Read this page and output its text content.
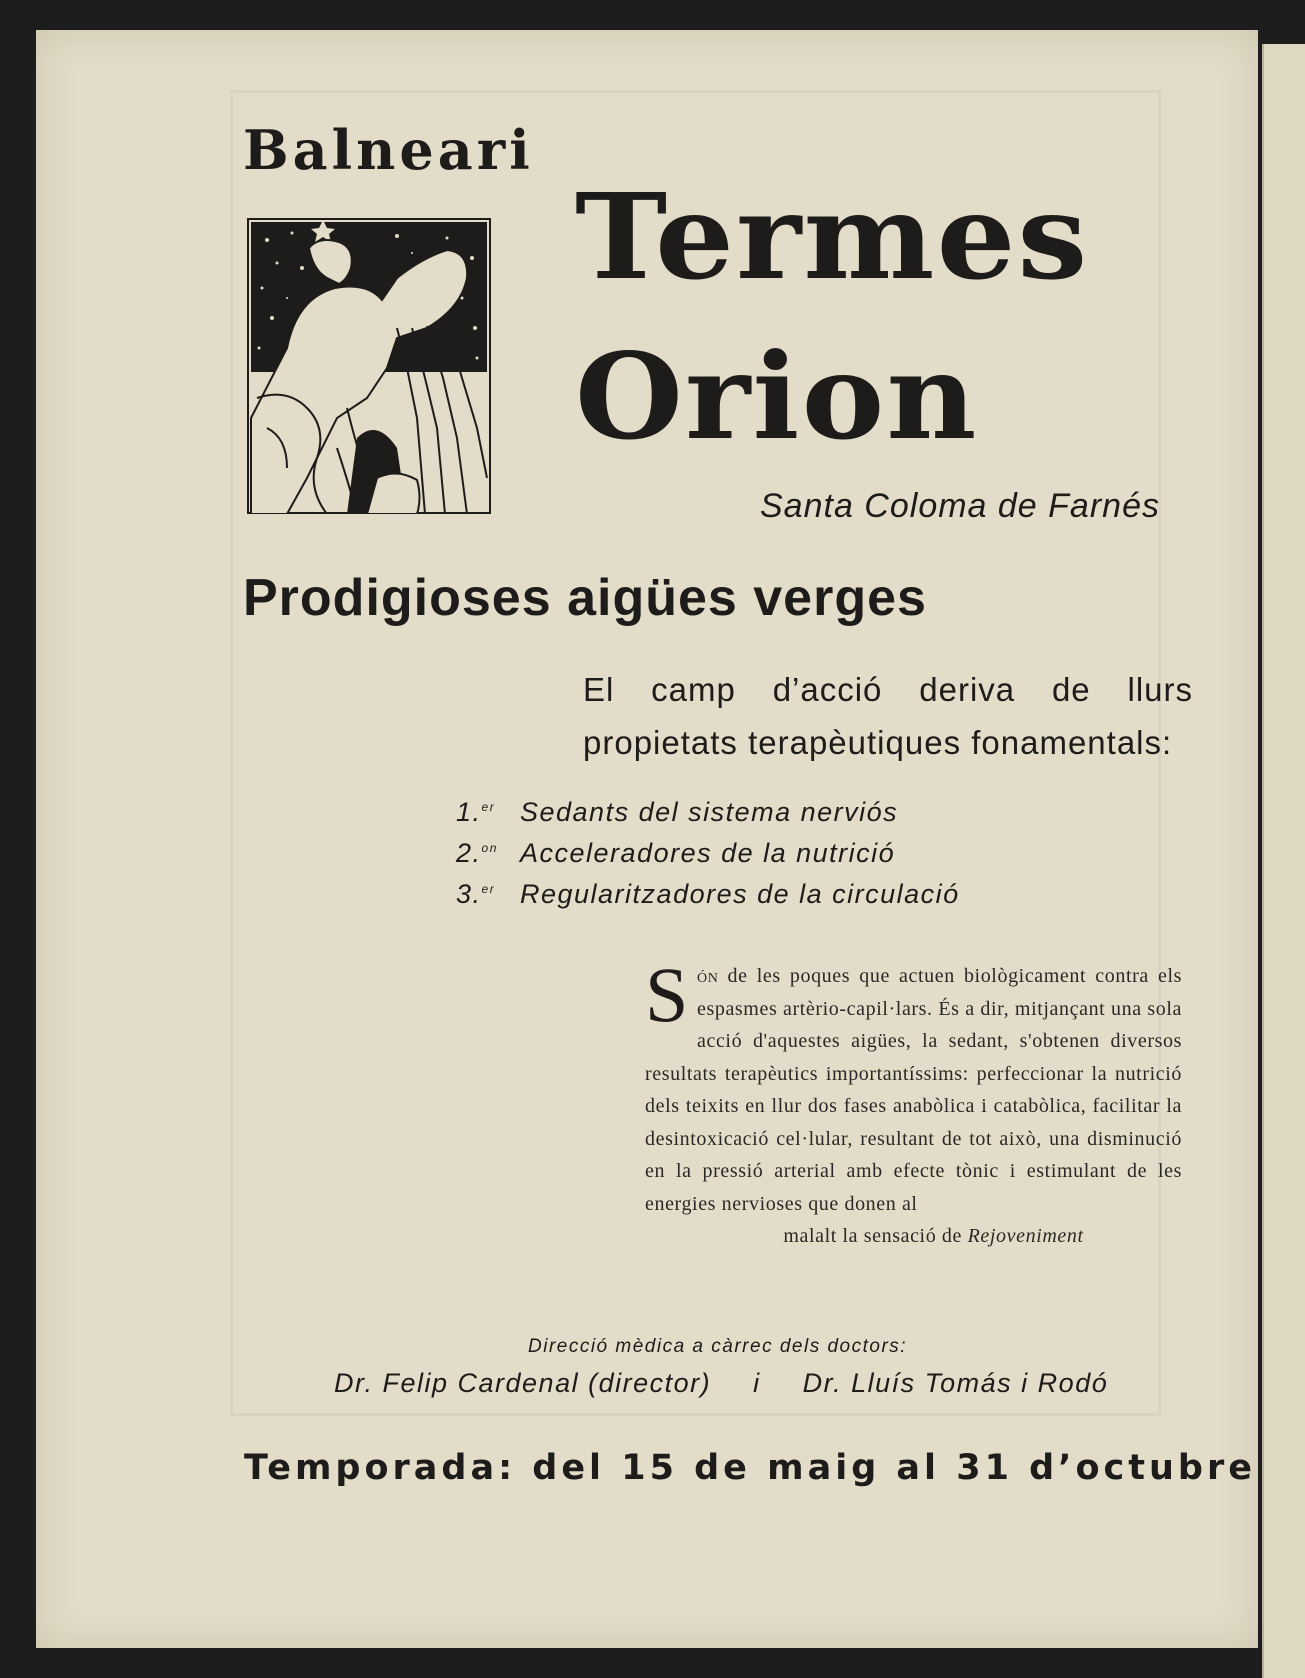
Balneari
Termes
Orion

Santa Coloma de Farnés

Prodigioses aigües verges

El camp d’acció deriva de llurs propietats terapèutiques fonamentals:

1.$^{er}$ Sedants del sistema nerviós
2.$^{on}$ Acceleradores de la nutrició
3.$^{er}$ Regularitzadores de la circulació
Són de les poques que actuen biològicament contra els espasmes artèrio-capil·lars. És a dir, mitjançant una sola acció d'aquestes aigües, la sedant, s'obtenen diversos resultats terapèutics importantíssims: perfeccionar la nutrició dels teixits en llur dos fases anabòlica i catabòlica, facilitar la desintoxicació cel·lular, resultant de tot això, una disminució en la pressió arterial amb efecte tònic i estimulant de les energies nervioses que donen al
malalt la sensació de Rejoveniment

Direcció mèdica a càrrec dels doctors:

Dr. Felip Cardenal (director) i Dr. Lluís Tomás i Rodó

Temporada: del 15 de maig al 31 d’octubre
